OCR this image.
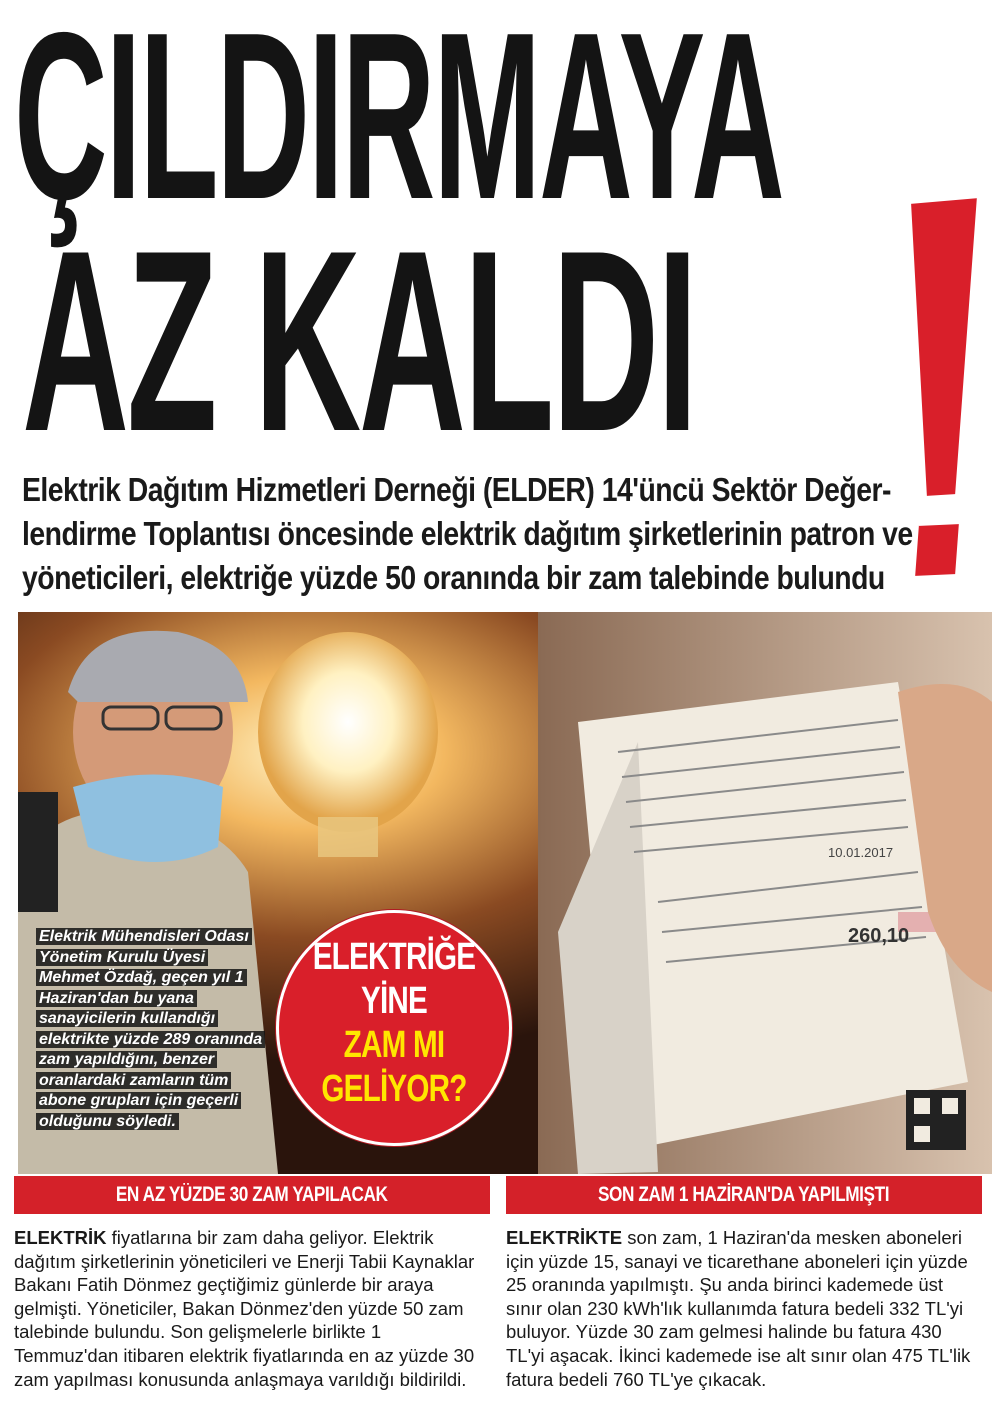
ÇILDIRMAYA
AZ KALDI
Elektrik Dağıtım Hizmetleri Derneği (ELDER) 14'üncü Sektör Değer-
lendirme Toplantısı öncesinde elektrik dağıtım şirketlerinin patron ve
yöneticileri, elektriğe yüzde 50 oranında bir zam talebinde bulundu
260,10
10.01.2017
Elektrik Mühendisleri Odası Yönetim Kurulu Üyesi Mehmet Özdağ, geçen yıl 1 Haziran'dan bu yana sanayicilerin kullandığı elektrikte yüzde 289 oranında zam yapıldığını, benzer oranlardaki zamların tüm abone grupları için geçerli olduğunu söyledi.
ELEKTRİĞE
YİNE
ZAM MI
GELİYOR?
EN AZ YÜZDE 30 ZAM YAPILACAK
ELEKTRİK fiyatlarına bir zam daha geliyor. Elektrik dağıtım şirketlerinin yöneticileri ve Enerji Tabii Kaynaklar Bakanı Fatih Dönmez geçtiğimiz günlerde bir araya gelmişti. Yöneticiler, Bakan Dönmez'den yüzde 50 zam talebinde bulundu. Son gelişmelerle birlikte 1 Temmuz'dan itibaren elektrik fiyatlarında en az yüzde 30 zam yapılması konusunda anlaşmaya varıldığı bildirildi.
SON ZAM 1 HAZİRAN'DA YAPILMIŞTI
ELEKTRİKTE son zam, 1 Haziran'da mesken aboneleri için yüzde 15, sanayi ve ticarethane aboneleri için yüzde 25 oranında yapılmıştı. Şu anda birinci kademede üst sınır olan 230 kWh'lık kullanımda fatura bedeli 332 TL'yi buluyor. Yüzde 30 zam gelmesi halinde bu fatura 430 TL'yi aşacak. İkinci kademede ise alt sınır olan 475 TL'lik fatura bedeli 760 TL'ye çıkacak.
